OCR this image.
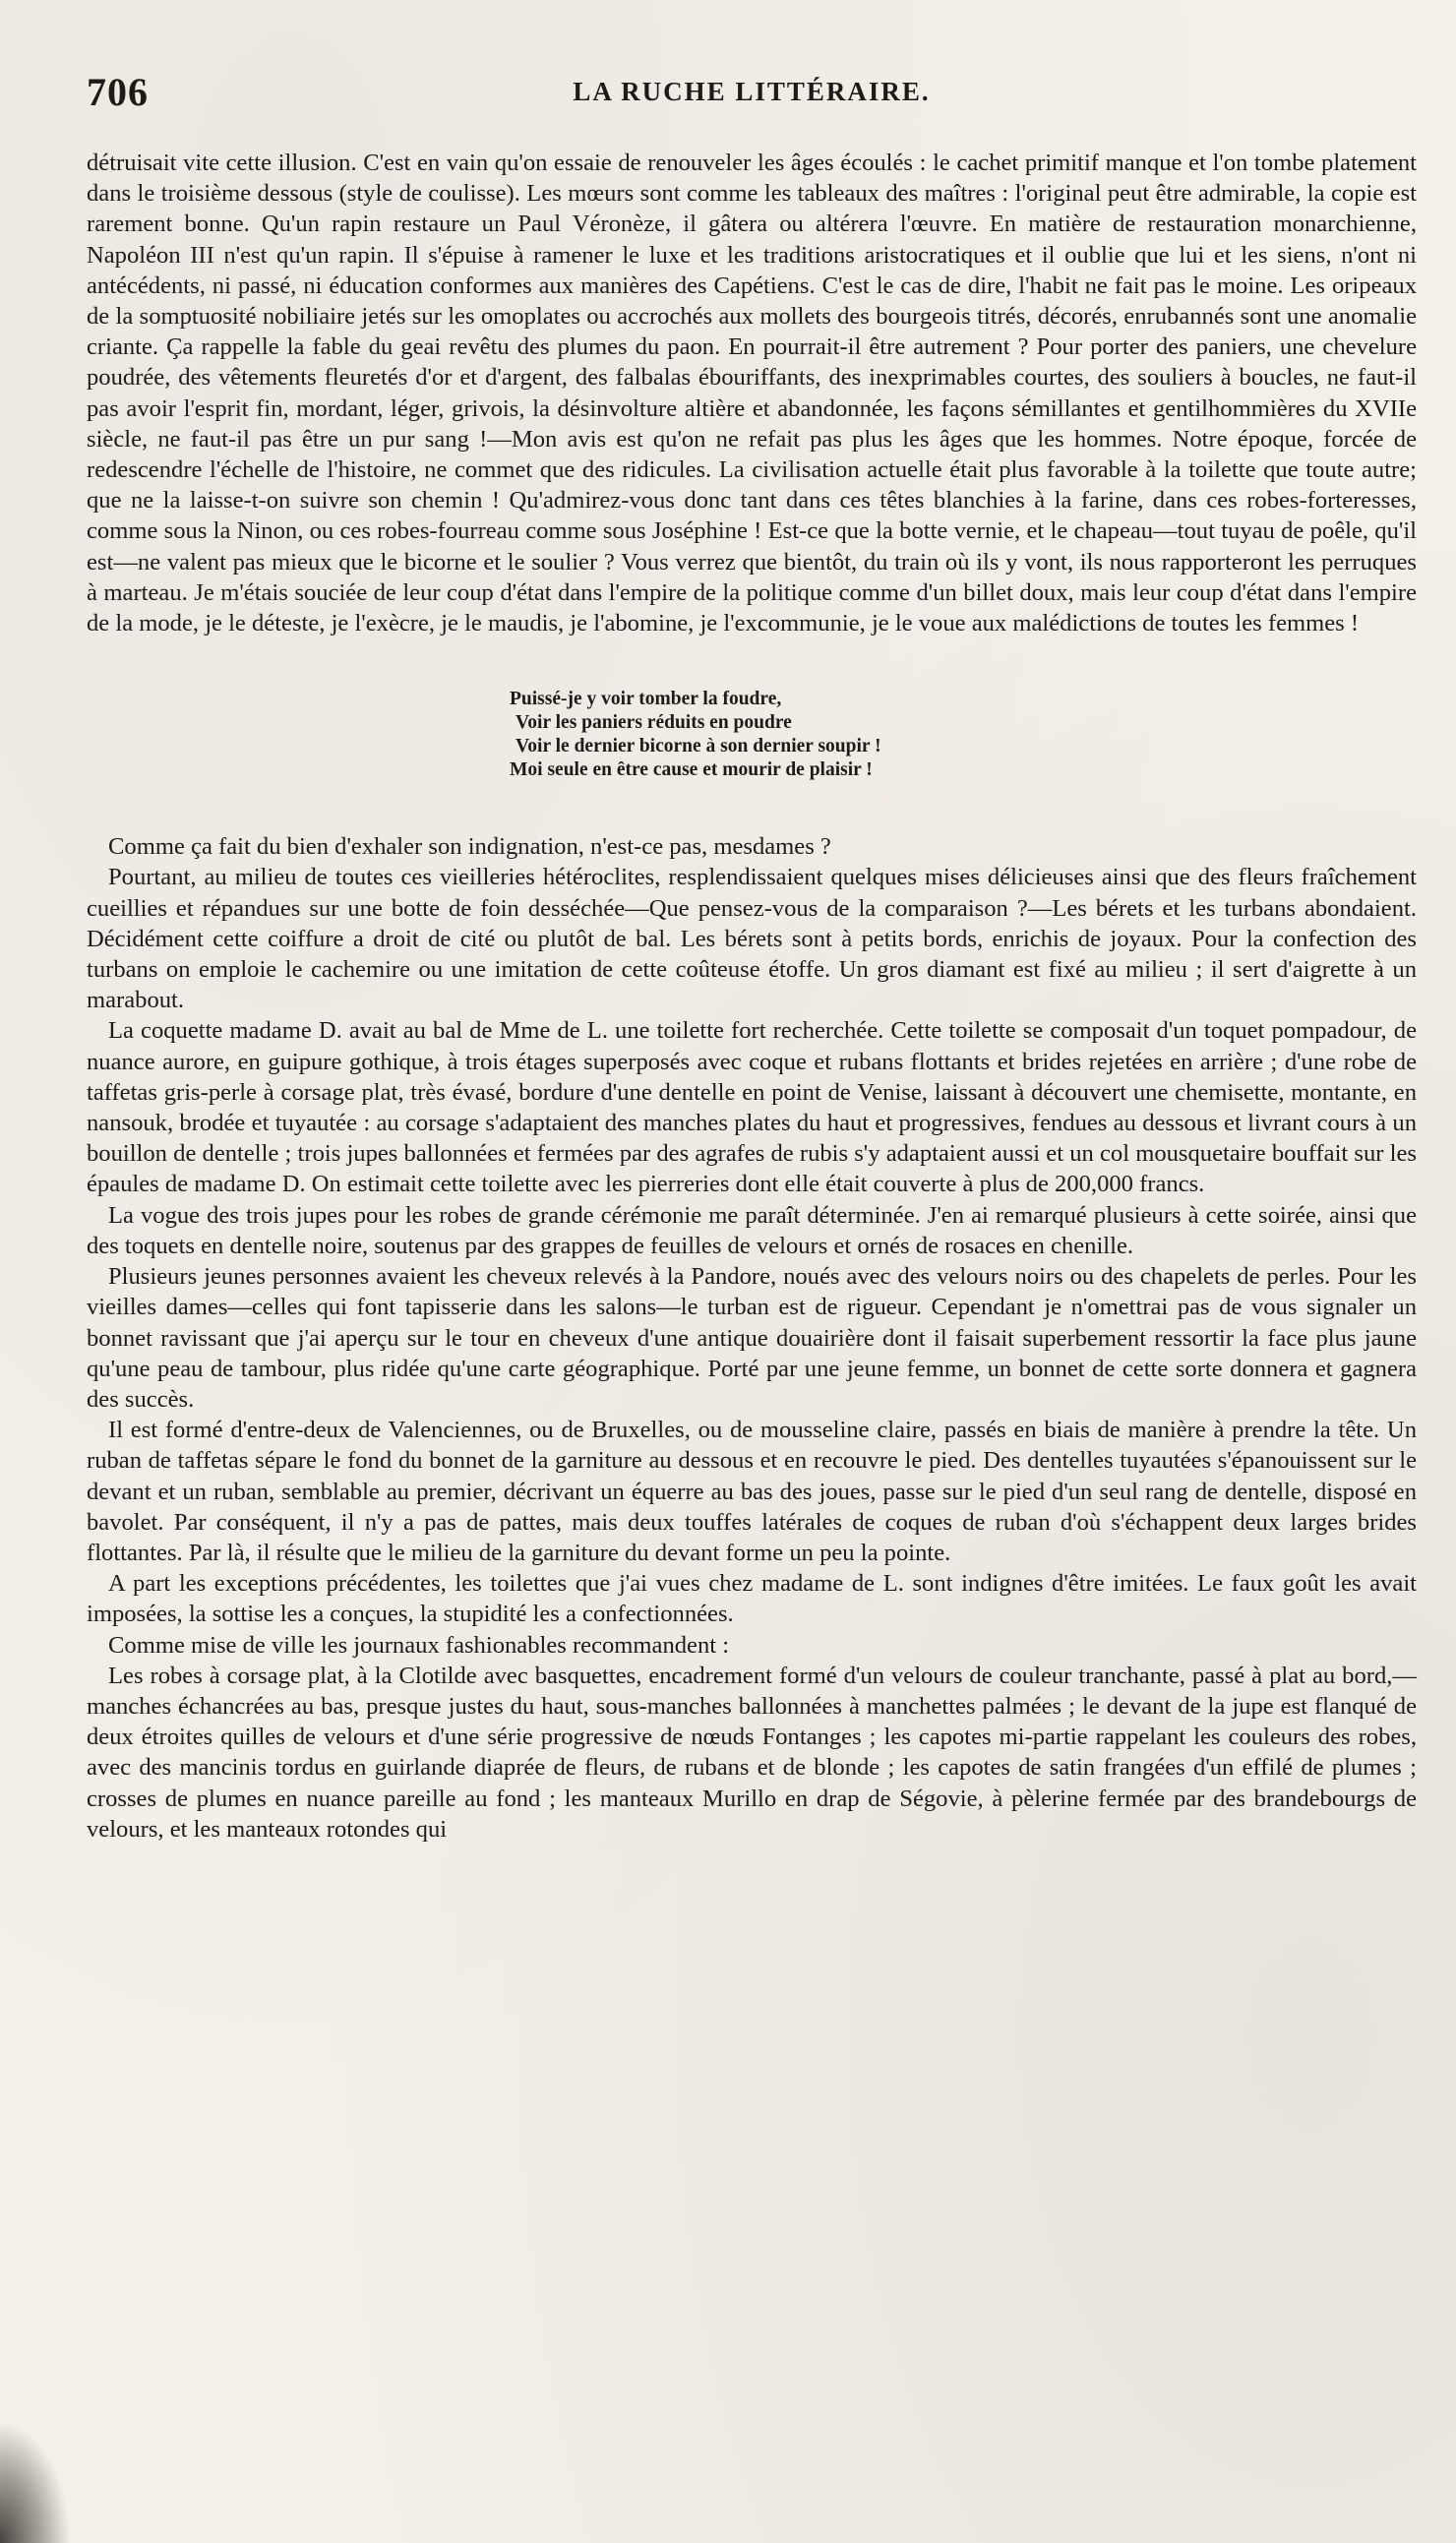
706	LA RUCHE LITTÉRAIRE.

détruisait vite cette illusion. C'est en vain qu'on essaie de renouveler les âges écoulés : le cachet primitif manque et l'on tombe platement dans le troisième dessous (style de coulisse). Les mœurs sont comme les tableaux des maîtres : l'original peut être admirable, la copie est rarement bonne. Qu'un rapin restaure un Paul Véronèze, il gâtera ou altérera l'œuvre. En matière de restauration monarchienne, Napoléon III n'est qu'un rapin. Il s'épuise à ramener le luxe et les traditions aristocratiques et il oublie que lui et les siens, n'ont ni antécédents, ni passé, ni éducation conformes aux manières des Capétiens. C'est le cas de dire, l'habit ne fait pas le moine. Les oripeaux de la somptuosité nobiliaire jetés sur les omoplates ou accrochés aux mollets des bourgeois titrés, décorés, enrubannés sont une anomalie criante. Ça rappelle la fable du geai revêtu des plumes du paon. En pourrait-il être autrement ? Pour porter des paniers, une chevelure poudrée, des vêtements fleuretés d'or et d'argent, des falbalas ébouriffants, des inexprimables courtes, des souliers à boucles, ne faut-il pas avoir l'esprit fin, mordant, léger, grivois, la désinvolture altière et abandonnée, les façons sémillantes et gentilhommières du XVIIe siècle, ne faut-il pas être un pur sang !—Mon avis est qu'on ne refait pas plus les âges que les hommes. Notre époque, forcée de redescendre l'échelle de l'histoire, ne commet que des ridicules. La civilisation actuelle était plus favorable à la toilette que toute autre; que ne la laisse-t-on suivre son chemin ! Qu'admirez-vous donc tant dans ces têtes blanchies à la farine, dans ces robes-forteresses, comme sous la Ninon, ou ces robes-fourreau comme sous Joséphine ! Est-ce que la botte vernie, et le chapeau—tout tuyau de poêle, qu'il est—ne valent pas mieux que le bicorne et le soulier ? Vous verrez que bientôt, du train où ils y vont, ils nous rapporteront les perruques à marteau. Je m'étais souciée de leur coup d'état dans l'empire de la politique comme d'un billet doux, mais leur coup d'état dans l'empire de la mode, je le déteste, je l'exècre, je le maudis, je l'abomine, je l'excommunie, je le voue aux malédictions de toutes les femmes !

Puissé-je y voir tomber la foudre,
Voir les paniers réduits en poudre
Voir le dernier bicorne à son dernier soupir !
Moi seule en être cause et mourir de plaisir !

Comme ça fait du bien d'exhaler son indignation, n'est-ce pas, mesdames ?

Pourtant, au milieu de toutes ces vieilleries hétéroclites, resplendissaient quelques mises délicieuses ainsi que des fleurs fraîchement cueillies et répandues sur une botte de foin desséchée—Que pensez-vous de la comparaison ?—Les bérets et les turbans abondaient. Décidément cette coiffure a droit de cité ou plutôt de bal. Les bérets sont à petits bords, enrichis de joyaux. Pour la confection des turbans on emploie le cachemire ou une imitation de cette coûteuse étoffe. Un gros diamant est fixé au milieu ; il sert d'aigrette à un marabout.

La coquette madame D. avait au bal de Mme de L. une toilette fort recherchée. Cette toilette se composait d'un toquet pompadour, de nuance aurore, en guipure gothique, à trois étages superposés avec coque et rubans flottants et brides rejetées en arrière ; d'une robe de taffetas gris-perle à corsage plat, très évasé, bordure d'une dentelle en point de Venise, laissant à découvert une chemisette, montante, en nansouk, brodée et tuyautée : au corsage s'adaptaient des manches plates du haut et progressives, fendues au dessous et livrant cours à un bouillon de dentelle ; trois jupes ballonnées et fermées par des agrafes de rubis s'y adaptaient aussi et un col mousquetaire bouffait sur les épaules de madame D. On estimait cette toilette avec les pierreries dont elle était couverte à plus de 200,000 francs.

La vogue des trois jupes pour les robes de grande cérémonie me paraît déterminée. J'en ai remarqué plusieurs à cette soirée, ainsi que des toquets en dentelle noire, soutenus par des grappes de feuilles de velours et ornés de rosaces en chenille.

Plusieurs jeunes personnes avaient les cheveux relevés à la Pandore, noués avec des velours noirs ou des chapelets de perles. Pour les vieilles dames—celles qui font tapisserie dans les salons—le turban est de rigueur. Cependant je n'omettrai pas de vous signaler un bonnet ravissant que j'ai aperçu sur le tour en cheveux d'une antique douairière dont il faisait superbement ressortir la face plus jaune qu'une peau de tambour, plus ridée qu'une carte géographique. Porté par une jeune femme, un bonnet de cette sorte donnera et gagnera des succès.

Il est formé d'entre-deux de Valenciennes, ou de Bruxelles, ou de mousseline claire, passés en biais de manière à prendre la tête. Un ruban de taffetas sépare le fond du bonnet de la garniture au dessous et en recouvre le pied. Des dentelles tuyautées s'épanouissent sur le devant et un ruban, semblable au premier, décrivant un équerre au bas des joues, passe sur le pied d'un seul rang de dentelle, disposé en bavolet. Par conséquent, il n'y a pas de pattes, mais deux touffes latérales de coques de ruban d'où s'échappent deux larges brides flottantes. Par là, il résulte que le milieu de la garniture du devant forme un peu la pointe.

A part les exceptions précédentes, les toilettes que j'ai vues chez madame de L. sont indignes d'être imitées. Le faux goût les avait imposées, la sottise les a conçues, la stupidité les a confectionnées.

Comme mise de ville les journaux fashionables recommandent :

Les robes à corsage plat, à la Clotilde avec basquettes, encadrement formé d'un velours de couleur tranchante, passé à plat au bord,—manches échancrées au bas, presque justes du haut, sous-manches ballonnées à manchettes palmées ; le devant de la jupe est flanqué de deux étroites quilles de velours et d'une série progressive de nœuds Fontanges ; les capotes mi-partie rappelant les couleurs des robes, avec des mancinis tordus en guirlande diaprée de fleurs, de rubans et de blonde ; les capotes de satin frangées d'un effilé de plumes ; crosses de plumes en nuance pareille au fond ; les manteaux Murillo en drap de Ségovie, à pèlerine fermée par des brandebourgs de velours, et les manteaux rotondes qui
